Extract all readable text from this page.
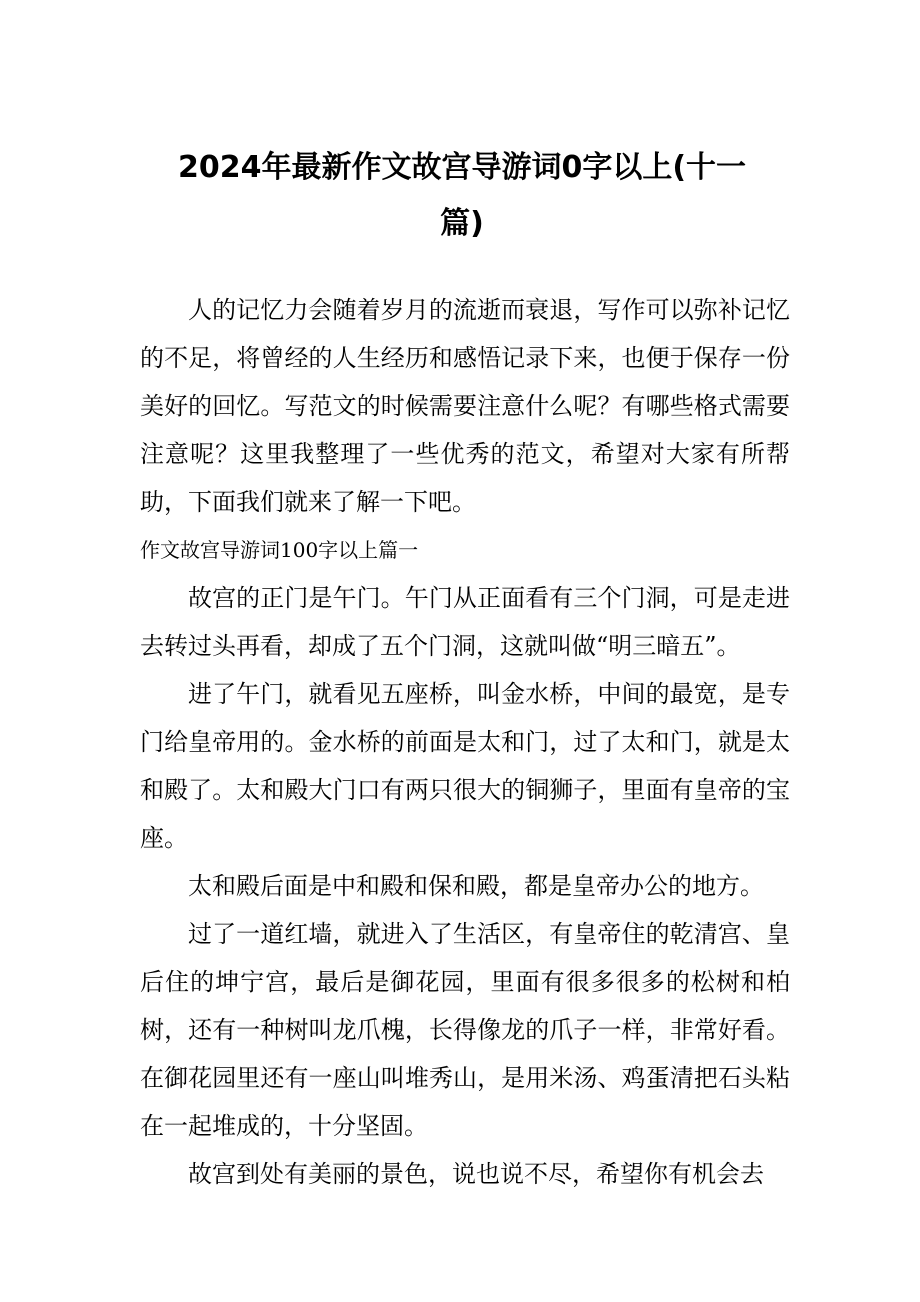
2024年最新作文故宫导游词0字以上(十一
篇)

人的记忆力会随着岁月的流逝而衰退，写作可以弥补记忆的不足，将曾经的人生经历和感悟记录下来，也便于保存一份美好的回忆。写范文的时候需要注意什么呢？有哪些格式需要注意呢？这里我整理了一些优秀的范文，希望对大家有所帮助，下面我们就来了解一下吧。

作文故宫导游词100字以上篇一

故宫的正门是午门。午门从正面看有三个门洞，可是走进去转过头再看，却成了五个门洞，这就叫做“明三暗五”。

进了午门，就看见五座桥，叫金水桥，中间的最宽，是专门给皇帝用的。金水桥的前面是太和门，过了太和门，就是太和殿了。太和殿大门口有两只很大的铜狮子，里面有皇帝的宝座。

太和殿后面是中和殿和保和殿，都是皇帝办公的地方。

过了一道红墙，就进入了生活区，有皇帝住的乾清宫、皇后住的坤宁宫，最后是御花园，里面有很多很多的松树和柏树，还有一种树叫龙爪槐，长得像龙的爪子一样，非常好看。在御花园里还有一座山叫堆秀山，是用米汤、鸡蛋清把石头粘在一起堆成的，十分坚固。

故宫到处有美丽的景色，说也说不尽，希望你有机会去
